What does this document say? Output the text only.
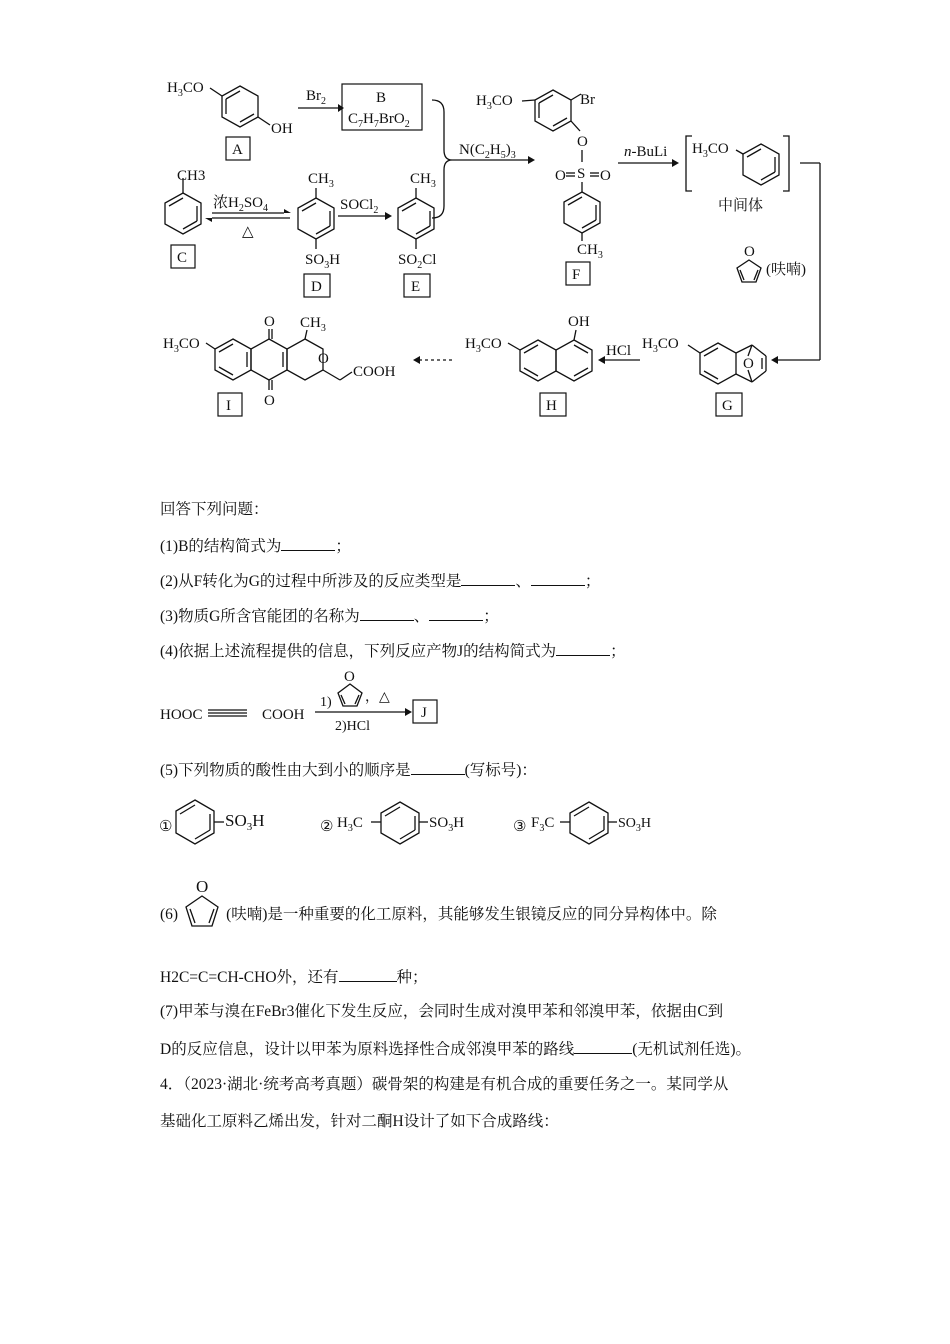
$H_3CO$
OH
A
$Br_2$	B
$C_7H_7BrO_2$
CH3
C
浓$H_2SO_4$
△
$CH_3$
$SO_3H$
D
SOCl$_2$
$CH_3$
$SO_2Cl$
E
$N(C_2H_5)_3$
$H_3CO$	Br
O
S
O O
$CH_3$
F
n-BuLi $H_3CO$
中间体
O
(呋喃)
$H_3CO$
O
G
HCl
$H_3CO$
OH
H
$H_3CO$
O
O
O
$CH_3$
COOH
I
回答下列问题：
(1)B的结构简式为	；
(2)从F转化为G的过程中所涉及的反应类型是	、	；
(3)物质G所含官能团的名称为	、	；
(4)依据上述流程提供的信息，下列反应产物J的结构简式为	；
HOOC	COOH
1)
O
，△
2)HCl
J
(5)下列物质的酸性由大到小的顺序是	(写标号)：
①	$SO_3H$	② $H_3C$	$SO_3H$	③ $F_3C$	$SO_3H$
(6)	(呋喃)是一种重要的化工原料，其能够发生银镜反应的同分异构体中。除
O
H2C=C=CH-CHO外，还有	种；
(7)甲苯与溴在FeBr3催化下发生反应，会同时生成对溴甲苯和邻溴甲苯，依据由C到
D的反应信息，设计以甲苯为原料选择性合成邻溴甲苯的路线	(无机试剂任选)。
4．（2023·湖北·统考高考真题）碳骨架的构建是有机合成的重要任务之一。某同学从
基础化工原料乙烯出发，针对二酮H设计了如下合成路线：
